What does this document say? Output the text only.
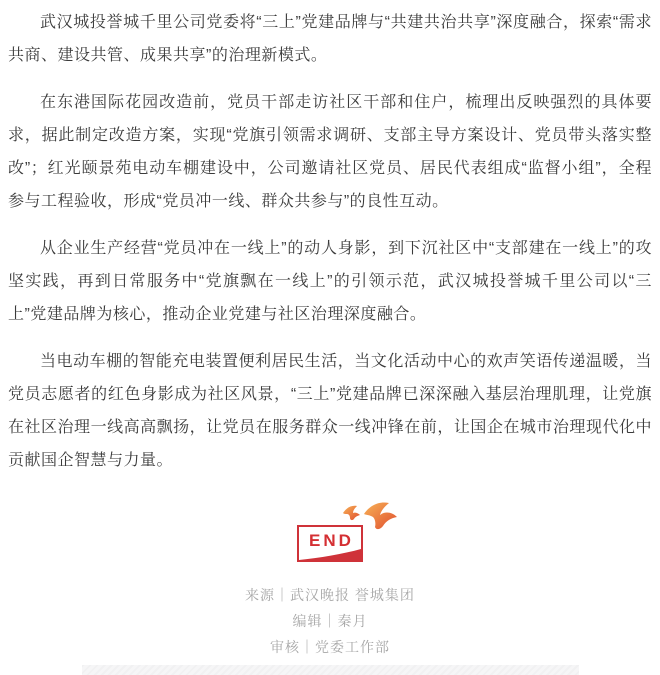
武汉城投誉城千里公司党委将“三上”党建品牌与“共建共治共享”深度融合，探索“需求共商、建设共管、成果共享”的治理新模式。

在东港国际花园改造前，党员干部走访社区干部和住户，梳理出反映强烈的具体要求，据此制定改造方案，实现“党旗引领需求调研、支部主导方案设计、党员带头落实整改”；红光颐景苑电动车棚建设中，公司邀请社区党员、居民代表组成“监督小组”，全程参与工程验收，形成“党员冲一线、群众共参与”的良性互动。

从企业生产经营“党员冲在一线上”的动人身影，到下沉社区中“支部建在一线上”的攻坚实践，再到日常服务中“党旗飘在一线上”的引领示范，武汉城投誉城千里公司以“三上”党建品牌为核心，推动企业党建与社区治理深度融合。

当电动车棚的智能充电装置便利居民生活，当文化活动中心的欢声笑语传递温暖，当党员志愿者的红色身影成为社区风景，“三上”党建品牌已深深融入基层治理肌理，让党旗在社区治理一线高高飘扬，让党员在服务群众一线冲锋在前，让国企在城市治理现代化中贡献国企智慧与力量。

END
来源｜武汉晚报 誉城集团
编辑｜秦月
审核｜党委工作部
